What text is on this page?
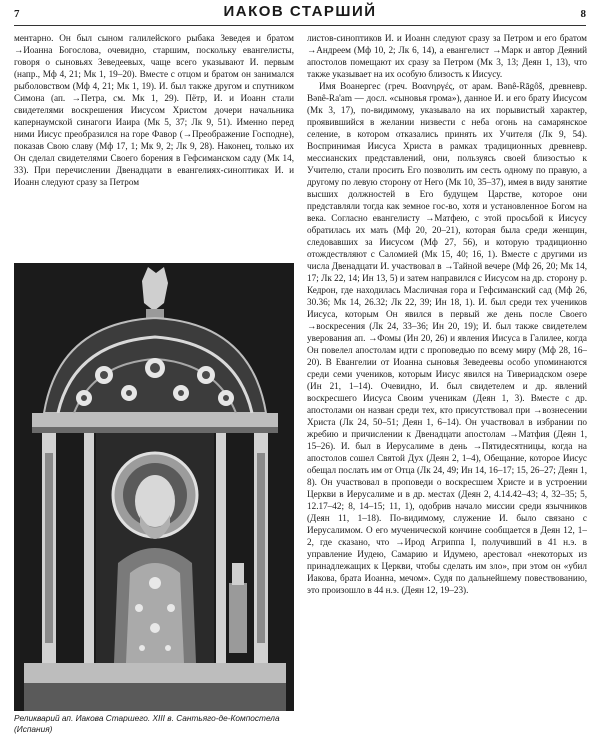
7	ИАКОВ СТАРШИЙ	8

ментарно. Он был сыном галилейского рыбака Зеведея и братом →Иоанна Богослова, очевидно, старшим, поскольку евангелисты, говоря о сыновьях Зеведеевых, чаще всего указывают И. первым (напр., Мф 4, 21; Мк 1, 19–20). Вместе с отцом и братом он занимался рыболовством (Мф 4, 21; Мк 1, 19). И. был также другом и спутником Симона (ап. →Петра, см. Мк 1, 29). Пётр, И. и Иоанн стали свидетелями воскрешения Иисусом Христом дочери начальника капернаумской синагоги Иаира (Мк 5, 37; Лк 9, 51). Именно перед ними Иисус преобразился на горе Фавор (→Преображение Господне), показав Свою славу (Мф 17, 1; Мк 9, 2; Лк 9, 28). Наконец, только их Он сделал свидетелями Своего борения в Гефсиманском саду (Мк 14, 33). При перечислении Двенадцати в евангелиях-синоптиках И. и Иоанн следуют сразу за Петром

Реликварий ап. Иакова Старшего. XIII в. Сантьяго-де-Компостела (Испания)

листов-синоптиков И. и Иоанн следуют сразу за Петром и его братом →Андреем (Мф 10, 2; Лк 6, 14), а евангелист →Марк и автор Деяний апостолов помещают их сразу за Петром (Мк 3, 13; Деян 1, 13), что также указывает на их особую близость к Иисусу.

Имя Воанергес (греч. Βοανηργές, от арам. Bənê-Rāgôš, древневр. Bənê-Ra'am — досл. «сыновья грома»), данное И. и его брату Иисусом (Мк 3, 17), по-видимому, указывало на их порывистый характер, проявившийся в желании низвести с неба огонь на самарянское селение, в котором отказались принять их Учителя (Лк 9, 54). Воспринимая Иисуса Христа в рамках традиционных древневр. мессианских представлений, они, пользуясь своей близостью к Учителю, стали просить Его позволить им сесть одному по правую, а другому по левую сторону от Него (Мк 10, 35–37), имея в виду занятие высших должностей в Его будущем Царстве, которое они представляли тогда как земное гос-во, хотя и установленное Богом на века. Согласно евангелисту →Матфею, с этой просьбой к Иисусу обратилась их мать (Мф 20, 20–21), которая была среди женщин, следовавших за Иисусом (Мф 27, 56), и которую традиционно отождествляют с Саломией (Мк 15, 40; 16, 1). Вместе с другими из числа Двенадцати И. участвовал в →Тайной вечере (Мф 26, 20; Мк 14, 17; Лк 22, 14; Ин 13, 5) и затем направился с Иисусом на др. сторону р. Кедрон, где находилась Масличная гора и Гефсиманский сад (Мф 26, 30.36; Мк 14, 26.32; Лк 22, 39; Ин 18, 1). И. был среди тех учеников Иисуса, которым Он явился в первый же день после Своего →воскресения (Лк 24, 33–36; Ин 20, 19); И. был также свидетелем уверования ап. →Фомы (Ин 20, 26) и явления Иисуса в Галилее, когда Он повелел апостолам идти с проповедью по всему миру (Мф 28, 16–20). В Евангелии от Иоанна сыновья Зеведеевы особо упоминаются среди семи учеников, которым Иисус явился на Тивериадском озере (Ин 21, 1–14). Очевидно, И. был свидетелем и др. явлений воскресшего Иисуса Своим ученикам (Деян 1, 3). Вместе с др. апостолами он назван среди тех, кто присутствовал при →вознесении Христа (Лк 24, 50–51; Деян 1, 6–14). Он участвовал в избрании по жребию и причислении к Двенадцати апостолам →Матфия (Деян 1, 15–26). И. был в Иерусалиме в день →Пятидесятницы, когда на апостолов сошел Святой Дух (Деян 2, 1–4), Обещание, которое Иисус обещал послать им от Отца (Лк 24, 49; Ин 14, 16–17; 15, 26–27; Деян 1, 8). Он участвовал в проповеди о воскресшем Христе и в устроении Церкви в Иерусалиме и в др. местах (Деян 2, 4.14.42–43; 4, 32–35; 5, 12.17–42; 8, 14–15; 11, 1), одобрив начало миссии среди язычников (Деян 11, 1–18). По-видимому, служение И. было связано с Иерусалимом. О его мученической кончине сообщается в Деян 12, 1–2, где сказано, что →Ирод Агриппа I, получивший в 41 н.э. в управление Иудею, Самарию и Идумею, арестовал «некоторых из принадлежащих к Церкви, чтобы сделать им зло», при этом он «убил Иакова, брата Иоанна, мечом». Судя по дальнейшему повествованию, это произошло в 44 н.э. (Деян 12, 19–23).
